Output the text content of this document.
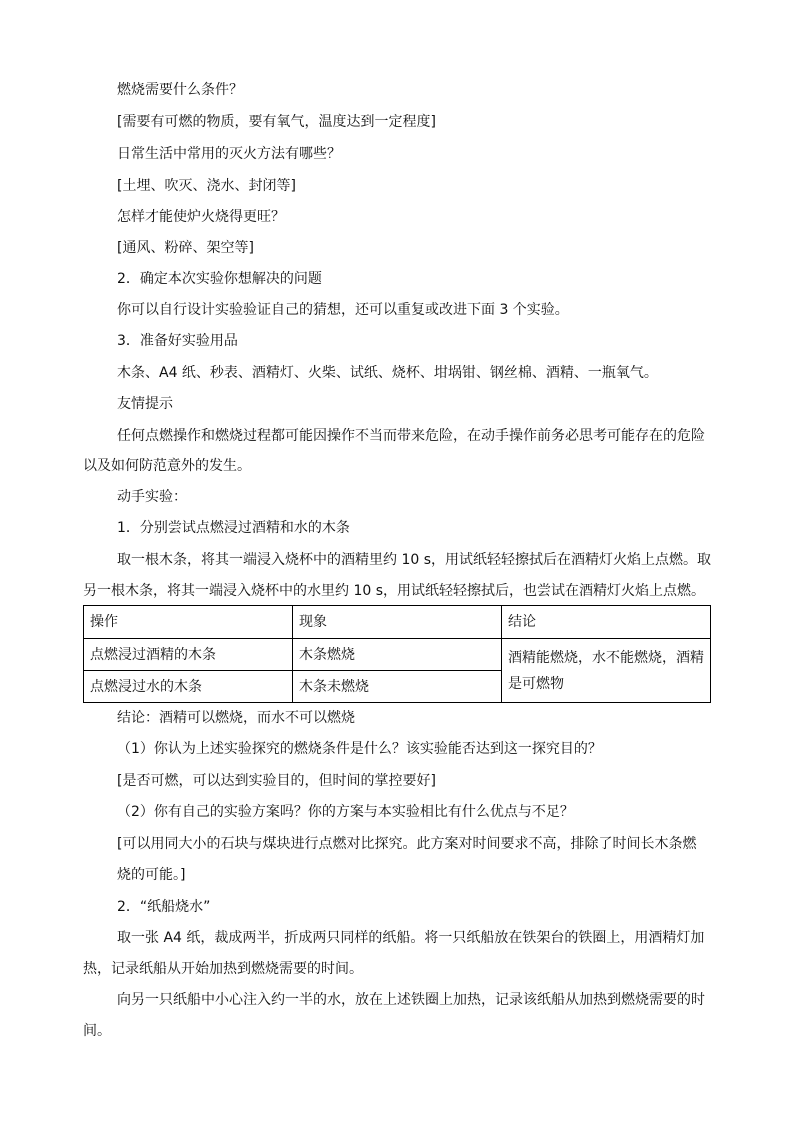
燃烧需要什么条件？
[需要有可燃的物质，要有氧气，温度达到一定程度]
日常生活中常用的灭火方法有哪些？
[土埋、吹灭、浇水、封闭等]
怎样才能使炉火烧得更旺？
[通风、粉碎、架空等]
2．确定本次实验你想解决的问题
你可以自行设计实验验证自己的猜想，还可以重复或改进下面 3 个实验。
3．准备好实验用品
木条、A4 纸、秒表、酒精灯、火柴、试纸、烧杯、坩埚钳、钢丝棉、酒精、一瓶氧气。
友情提示
任何点燃操作和燃烧过程都可能因操作不当而带来危险，在动手操作前务必思考可能存在的危险
以及如何防范意外的发生。
动手实验：
1．分别尝试点燃浸过酒精和水的木条
取一根木条，将其一端浸入烧杯中的酒精里约 10 s，用试纸轻轻擦拭后在酒精灯火焰上点燃。取
另一根木条，将其一端浸入烧杯中的水里约 10 s，用试纸轻轻擦拭后，也尝试在酒精灯火焰上点燃。
操作	现象	结论
点燃浸过酒精的木条	木条燃烧	酒精能燃烧，水不能燃烧，酒精是可燃物
点燃浸过水的木条	木条未燃烧	
结论：酒精可以燃烧，而水不可以燃烧
（1）你认为上述实验探究的燃烧条件是什么？该实验能否达到这一探究目的？
[是否可燃，可以达到实验目的，但时间的掌控要好]
（2）你有自己的实验方案吗？你的方案与本实验相比有什么优点与不足？
[可以用同大小的石块与煤块进行点燃对比探究。此方案对时间要求不高，排除了时间长木条燃
烧的可能。]
2．“纸船烧水”
取一张 A4 纸，裁成两半，折成两只同样的纸船。将一只纸船放在铁架台的铁圈上，用酒精灯加
热，记录纸船从开始加热到燃烧需要的时间。
向另一只纸船中小心注入约一半的水，放在上述铁圈上加热，记录该纸船从加热到燃烧需要的时
间。
